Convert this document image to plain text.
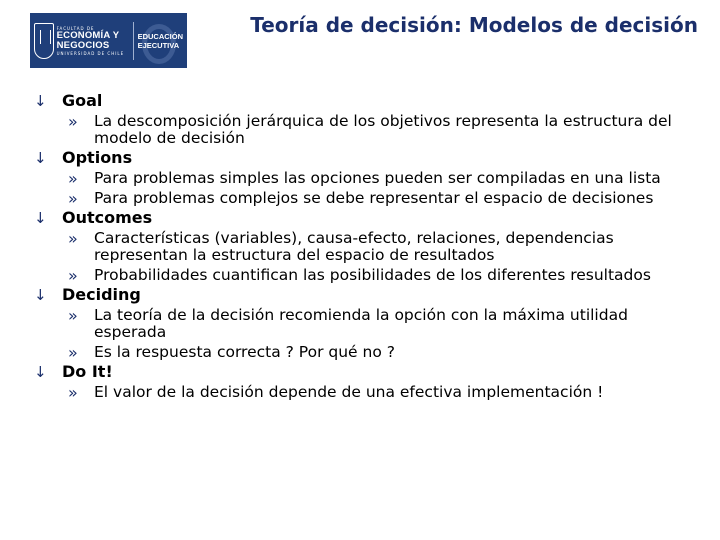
FACULTAD DE
ECONOMÍA Y
NEGOCIOS
UNIVERSIDAD DE CHILE
EDUCACIÓN
EJECUTIVA
Teoría de decisión: Modelos de decisión
↓ Goal
» La descomposición jerárquica de los objetivos representa la estructura del modelo de decisión
↓ Options
» Para problemas simples las opciones pueden ser compiladas en una lista
» Para problemas complejos se debe representar el espacio de decisiones
↓ Outcomes
» Características (variables), causa-efecto, relaciones, dependencias representan la estructura del espacio de resultados
» Probabilidades cuantifican las posibilidades de los diferentes resultados
↓ Deciding
» La teoría de la decisión recomienda la opción con la máxima utilidad esperada
» Es la respuesta correcta ? Por qué no ?
↓ Do It!
» El valor de la decisión depende de una efectiva implementación !
